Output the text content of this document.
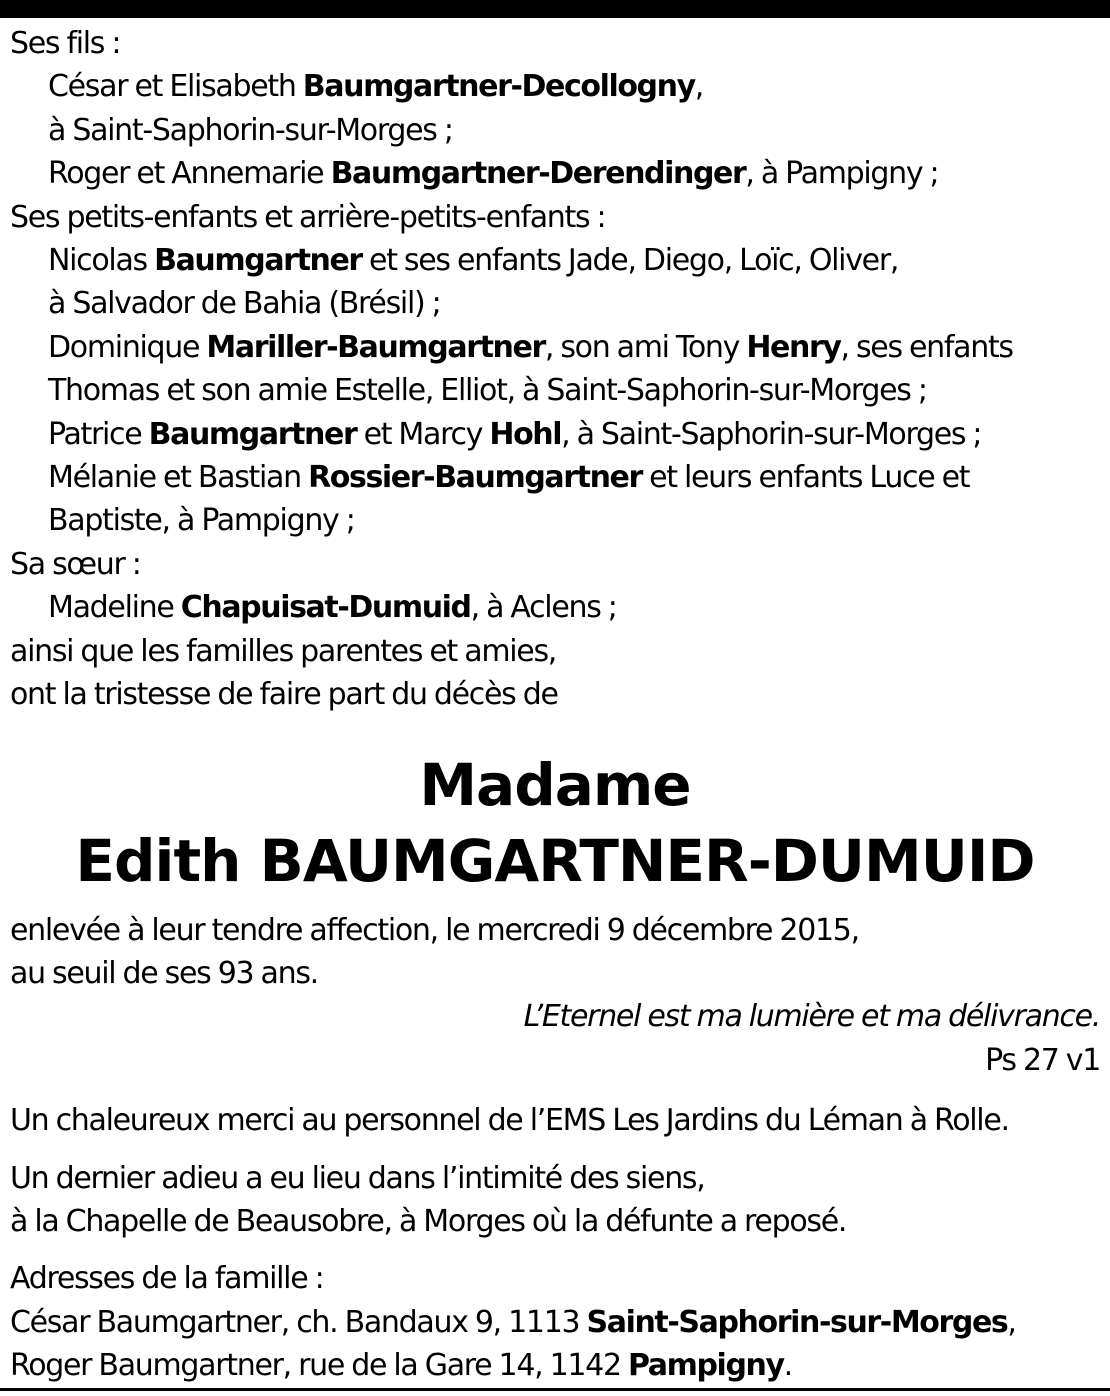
Ses fils :
César et Elisabeth Baumgartner-Decollogny,
à Saint-Saphorin-sur-Morges ;
Roger et Annemarie Baumgartner-Derendinger, à Pampigny ;
Ses petits-enfants et arrière-petits-enfants :
Nicolas Baumgartner et ses enfants Jade, Diego, Loïc, Oliver,
à Salvador de Bahia (Brésil) ;
Dominique Mariller-Baumgartner, son ami Tony Henry, ses enfants
Thomas et son amie Estelle, Elliot, à Saint-Saphorin-sur-Morges ;
Patrice Baumgartner et Marcy Hohl, à Saint-Saphorin-sur-Morges ;
Mélanie et Bastian Rossier-Baumgartner et leurs enfants Luce et
Baptiste, à Pampigny ;
Sa sœur :
Madeline Chapuisat-Dumuid, à Aclens ;
ainsi que les familles parentes et amies,
ont la tristesse de faire part du décès de
Madame
Edith BAUMGARTNER-DUMUID
enlevée à leur tendre affection, le mercredi 9 décembre 2015,
au seuil de ses 93 ans.
L’Eternel est ma lumière et ma délivrance.
Ps 27 v1
Un chaleureux merci au personnel de l’EMS Les Jardins du Léman à Rolle.
Un dernier adieu a eu lieu dans l’intimité des siens,
à la Chapelle de Beausobre, à Morges où la défunte a reposé.
Adresses de la famille :
César Baumgartner, ch. Bandaux 9, 1113 Saint-Saphorin-sur-Morges,
Roger Baumgartner, rue de la Gare 14, 1142 Pampigny.
